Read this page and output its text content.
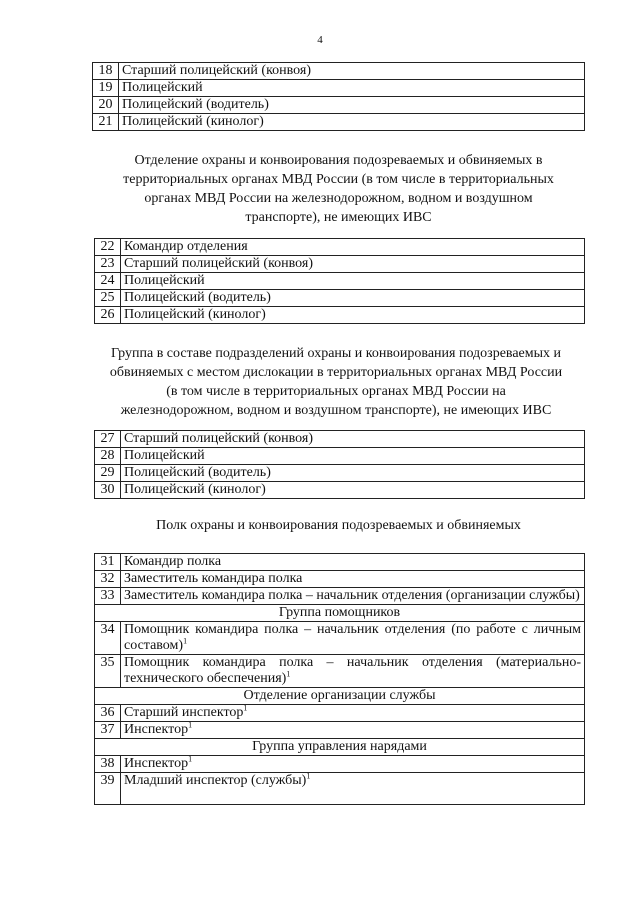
4
18	Старший полицейский (конвоя)
19	Полицейский
20	Полицейский (водитель)
21	Полицейский (кинолог)
Отделение охраны и конвоирования подозреваемых и обвиняемых в
территориальных органах МВД России (в том числе в территориальных
органах МВД России на железнодорожном, водном и воздушном
транспорте), не имеющих ИВС
22	Командир отделения
23	Старший полицейский (конвоя)
24	Полицейский
25	Полицейский (водитель)
26	Полицейский (кинолог)
Группа в составе подразделений охраны и конвоирования подозреваемых и
обвиняемых с местом дислокации в территориальных органах МВД России
(в том числе в территориальных органах МВД России на
железнодорожном, водном и воздушном транспорте), не имеющих ИВС
27	Старший полицейский (конвоя)
28	Полицейский
29	Полицейский (водитель)
30	Полицейский (кинолог)
Полк охраны и конвоирования подозреваемых и обвиняемых
31	Командир полка
32	Заместитель командира полка
33	Заместитель командира полка – начальник отделения (организации службы)
Группа помощников	
34	Помощник командира полка – начальник отделения (по работе с личным составом)$^1$
35	Помощник командира полка – начальник отделения (материально-технического обеспечения)$^1$
Отделение организации службы	
36	Старший инспектор$^1$
37	Инспектор$^1$
Группа управления нарядами	
38	Инспектор$^1$
39	Младший инспектор (службы)$^1$
